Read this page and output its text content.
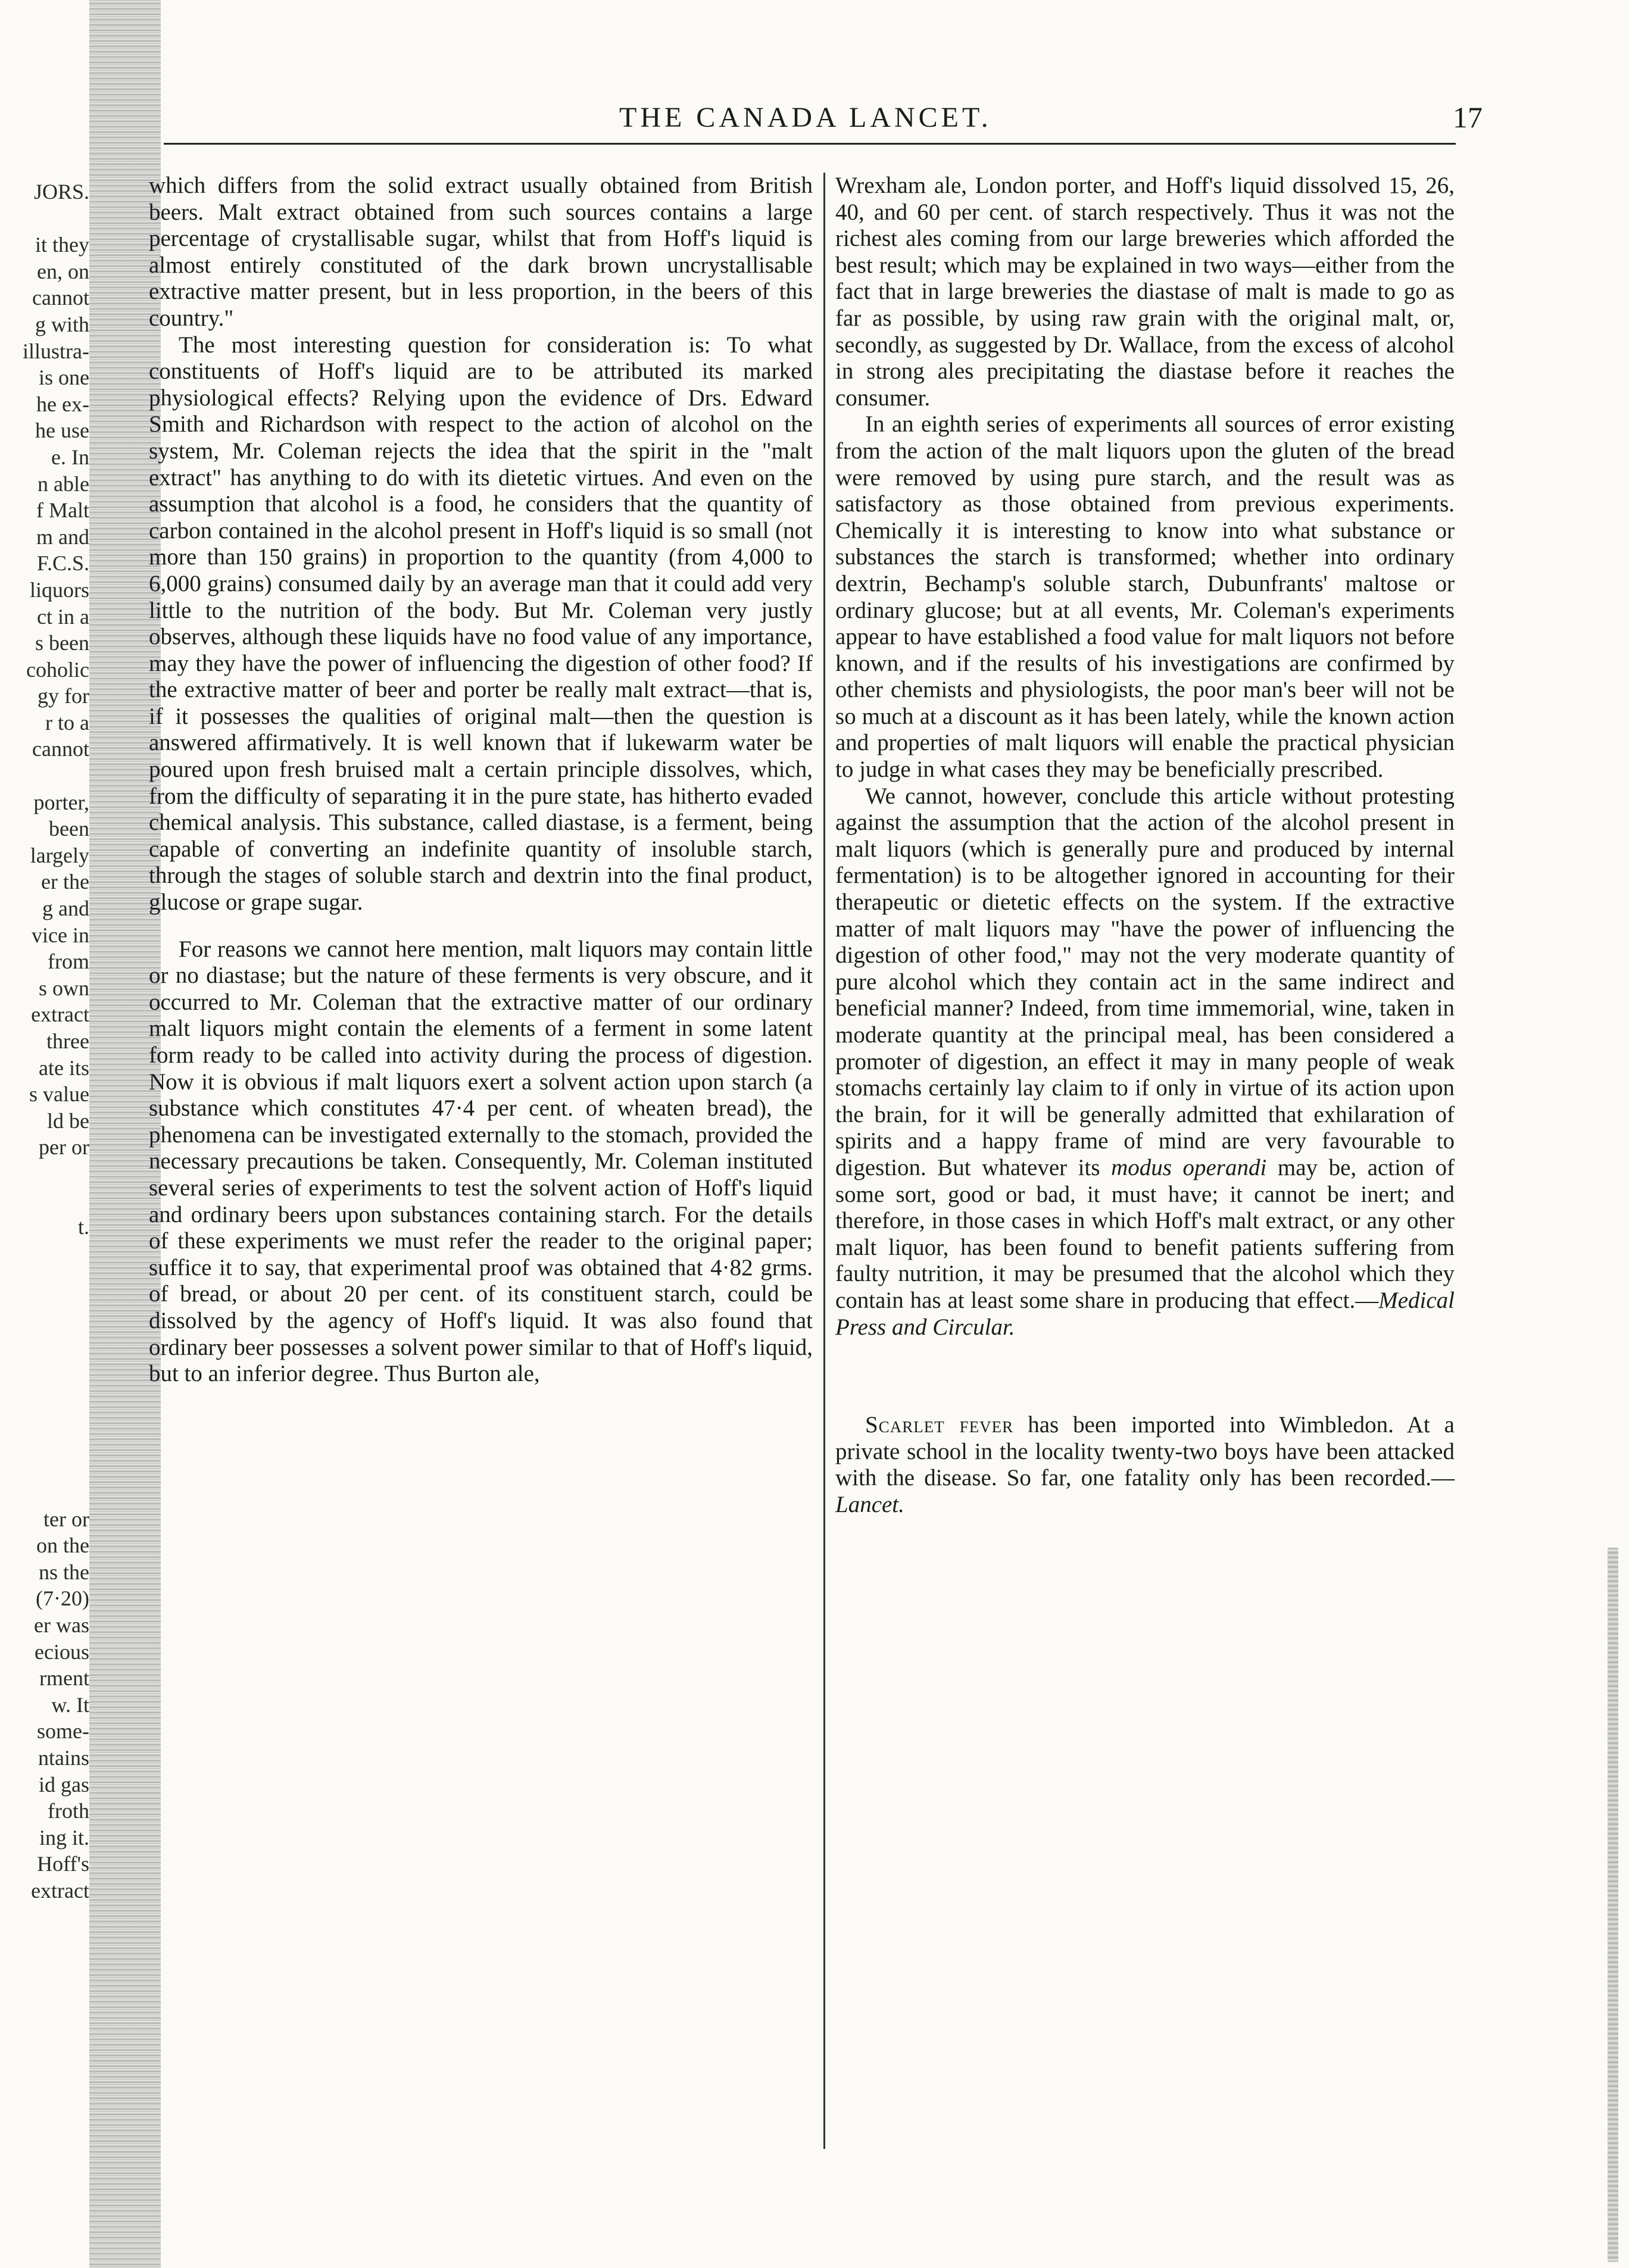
JORS.
it they
en, on
cannot
g with
illustra-
is one
he ex-
he use
e. In
n able
f Malt
m and
F.C.S.
liquors
ct in a
s been
coholic
gy for
r to a
cannot
porter,
been
largely
er the
g and
vice in
from
s own
extract
three
ate its
s value
ld be
per or
t.
ter or
on the
ns the
(7·20)
er was
ecious
rment
w. It
some-
ntains
id gas
froth
ing it.
Hoff's
extract
THE CANADA LANCET.	17

which differs from the solid extract usually obtained from British beers. Malt extract obtained from such sources contains a large percentage of crystallisable sugar, whilst that from Hoff's liquid is almost entirely constituted of the dark brown uncrystallisable extractive matter present, but in less proportion, in the beers of this country."

The most interesting question for consideration is: To what constituents of Hoff's liquid are to be attributed its marked physiological effects? Relying upon the evidence of Drs. Edward Smith and Richardson with respect to the action of alcohol on the system, Mr. Coleman rejects the idea that the spirit in the "malt extract" has anything to do with its dietetic virtues. And even on the assumption that alcohol is a food, he considers that the quantity of carbon contained in the alcohol present in Hoff's liquid is so small (not more than 150 grains) in proportion to the quantity (from 4,000 to 6,000 grains) consumed daily by an average man that it could add very little to the nutrition of the body. But Mr. Coleman very justly observes, although these liquids have no food value of any importance, may they have the power of influencing the digestion of other food? If the extractive matter of beer and porter be really malt extract—that is, if it possesses the qualities of original malt—then the question is answered affirmatively. It is well known that if lukewarm water be poured upon fresh bruised malt a certain principle dissolves, which, from the difficulty of separating it in the pure state, has hitherto evaded chemical analysis. This substance, called diastase, is a ferment, being capable of converting an indefinite quantity of insoluble starch, through the stages of soluble starch and dextrin into the final product, glucose or grape sugar.

For reasons we cannot here mention, malt liquors may contain little or no diastase; but the nature of these ferments is very obscure, and it occurred to Mr. Coleman that the extractive matter of our ordinary malt liquors might contain the elements of a ferment in some latent form ready to be called into activity during the process of digestion. Now it is obvious if malt liquors exert a solvent action upon starch (a substance which constitutes 47·4 per cent. of wheaten bread), the phenomena can be investigated externally to the stomach, provided the necessary precautions be taken. Consequently, Mr. Coleman instituted several series of experiments to test the solvent action of Hoff's liquid and ordinary beers upon substances containing starch. For the details of these experiments we must refer the reader to the original paper; suffice it to say, that experimental proof was obtained that 4·82 grms. of bread, or about 20 per cent. of its constituent starch, could be dissolved by the agency of Hoff's liquid. It was also found that ordinary beer possesses a solvent power similar to that of Hoff's liquid, but to an inferior degree. Thus Burton ale,

Wrexham ale, London porter, and Hoff's liquid dissolved 15, 26, 40, and 60 per cent. of starch respectively. Thus it was not the richest ales coming from our large breweries which afforded the best result; which may be explained in two ways—either from the fact that in large breweries the diastase of malt is made to go as far as possible, by using raw grain with the original malt, or, secondly, as suggested by Dr. Wallace, from the excess of alcohol in strong ales precipitating the diastase before it reaches the consumer.

In an eighth series of experiments all sources of error existing from the action of the malt liquors upon the gluten of the bread were removed by using pure starch, and the result was as satisfactory as those obtained from previous experiments. Chemically it is interesting to know into what substance or substances the starch is transformed; whether into ordinary dextrin, Bechamp's soluble starch, Dubunfrants' maltose or ordinary glucose; but at all events, Mr. Coleman's experiments appear to have established a food value for malt liquors not before known, and if the results of his investigations are confirmed by other chemists and physiologists, the poor man's beer will not be so much at a discount as it has been lately, while the known action and properties of malt liquors will enable the practical physician to judge in what cases they may be beneficially prescribed.

We cannot, however, conclude this article without protesting against the assumption that the action of the alcohol present in malt liquors (which is generally pure and produced by internal fermentation) is to be altogether ignored in accounting for their therapeutic or dietetic effects on the system. If the extractive matter of malt liquors may "have the power of influencing the digestion of other food," may not the very moderate quantity of pure alcohol which they contain act in the same indirect and beneficial manner? Indeed, from time immemorial, wine, taken in moderate quantity at the principal meal, has been considered a promoter of digestion, an effect it may in many people of weak stomachs certainly lay claim to if only in virtue of its action upon the brain, for it will be generally admitted that exhilaration of spirits and a happy frame of mind are very favourable to digestion. But whatever its modus operandi may be, action of some sort, good or bad, it must have; it cannot be inert; and therefore, in those cases in which Hoff's malt extract, or any other malt liquor, has been found to benefit patients suffering from faulty nutrition, it may be presumed that the alcohol which they contain has at least some share in producing that effect.—Medical Press and Circular.

Scarlet fever has been imported into Wimbledon. At a private school in the locality twenty-two boys have been attacked with the disease. So far, one fatality only has been recorded.—Lancet.
